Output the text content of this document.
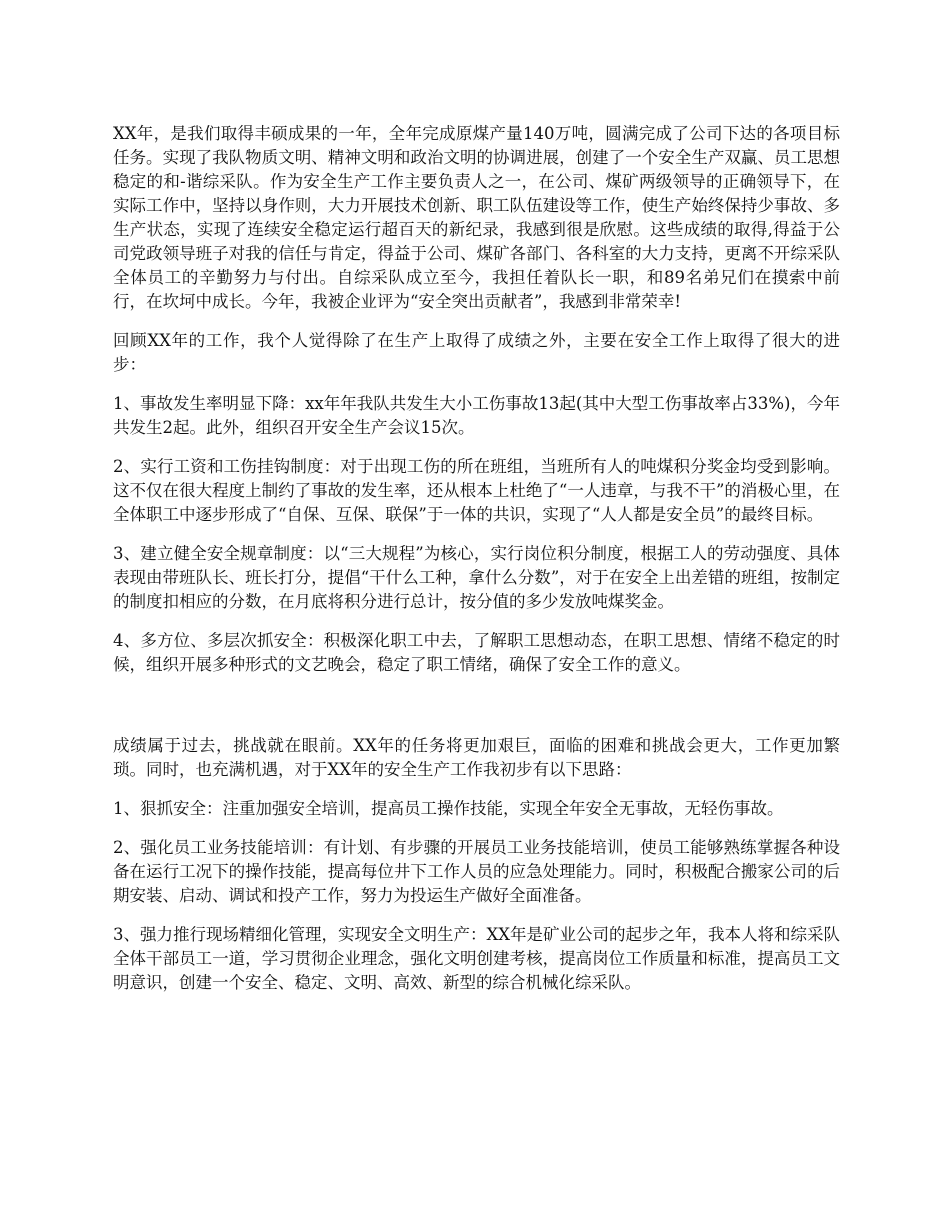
XX年，是我们取得丰硕成果的一年，全年完成原煤产量140万吨，圆满完成了公司下达的各项目标任务。实现了我队物质文明、精神文明和政治文明的协调进展，创建了一个安全生产双赢、员工思想稳定的和-谐综采队。作为安全生产工作主要负责人之一，在公司、煤矿两级领导的正确领导下，在实际工作中，坚持以身作则，大力开展技术创新、职工队伍建设等工作，使生产始终保持少事故、多生产状态，实现了连续安全稳定运行超百天的新纪录，我感到很是欣慰。这些成绩的取得,得益于公司党政领导班子对我的信任与肯定，得益于公司、煤矿各部门、各科室的大力支持，更离不开综采队全体员工的辛勤努力与付出。自综采队成立至今，我担任着队长一职，和89名弟兄们在摸索中前行，在坎坷中成长。今年，我被企业评为“安全突出贡献者”，我感到非常荣幸!

回顾XX年的工作，我个人觉得除了在生产上取得了成绩之外，主要在安全工作上取得了很大的进步：

1、事故发生率明显下降：xx年年我队共发生大小工伤事故13起(其中大型工伤事故率占33%)，今年共发生2起。此外，组织召开安全生产会议15次。

2、实行工资和工伤挂钩制度：对于出现工伤的所在班组，当班所有人的吨煤积分奖金均受到影响。这不仅在很大程度上制约了事故的发生率，还从根本上杜绝了“一人违章，与我不干”的消极心里，在全体职工中逐步形成了“自保、互保、联保”于一体的共识，实现了“人人都是安全员”的最终目标。

3、建立健全安全规章制度：以“三大规程”为核心，实行岗位积分制度，根据工人的劳动强度、具体表现由带班队长、班长打分，提倡“干什么工种，拿什么分数”，对于在安全上出差错的班组，按制定的制度扣相应的分数，在月底将积分进行总计，按分值的多少发放吨煤奖金。

4、多方位、多层次抓安全：积极深化职工中去，了解职工思想动态，在职工思想、情绪不稳定的时候，组织开展多种形式的文艺晚会，稳定了职工情绪，确保了安全工作的意义。

成绩属于过去，挑战就在眼前。XX年的任务将更加艰巨，面临的困难和挑战会更大，工作更加繁琐。同时，也充满机遇，对于XX年的安全生产工作我初步有以下思路：

1、狠抓安全：注重加强安全培训，提高员工操作技能，实现全年安全无事故，无轻伤事故。

2、强化员工业务技能培训：有计划、有步骤的开展员工业务技能培训，使员工能够熟练掌握各种设备在运行工况下的操作技能，提高每位井下工作人员的应急处理能力。同时，积极配合搬家公司的后期安装、启动、调试和投产工作，努力为投运生产做好全面准备。

3、强力推行现场精细化管理，实现安全文明生产：XX年是矿业公司的起步之年，我本人将和综采队全体干部员工一道，学习贯彻企业理念，强化文明创建考核，提高岗位工作质量和标准，提高员工文明意识，创建一个安全、稳定、文明、高效、新型的综合机械化综采队。
